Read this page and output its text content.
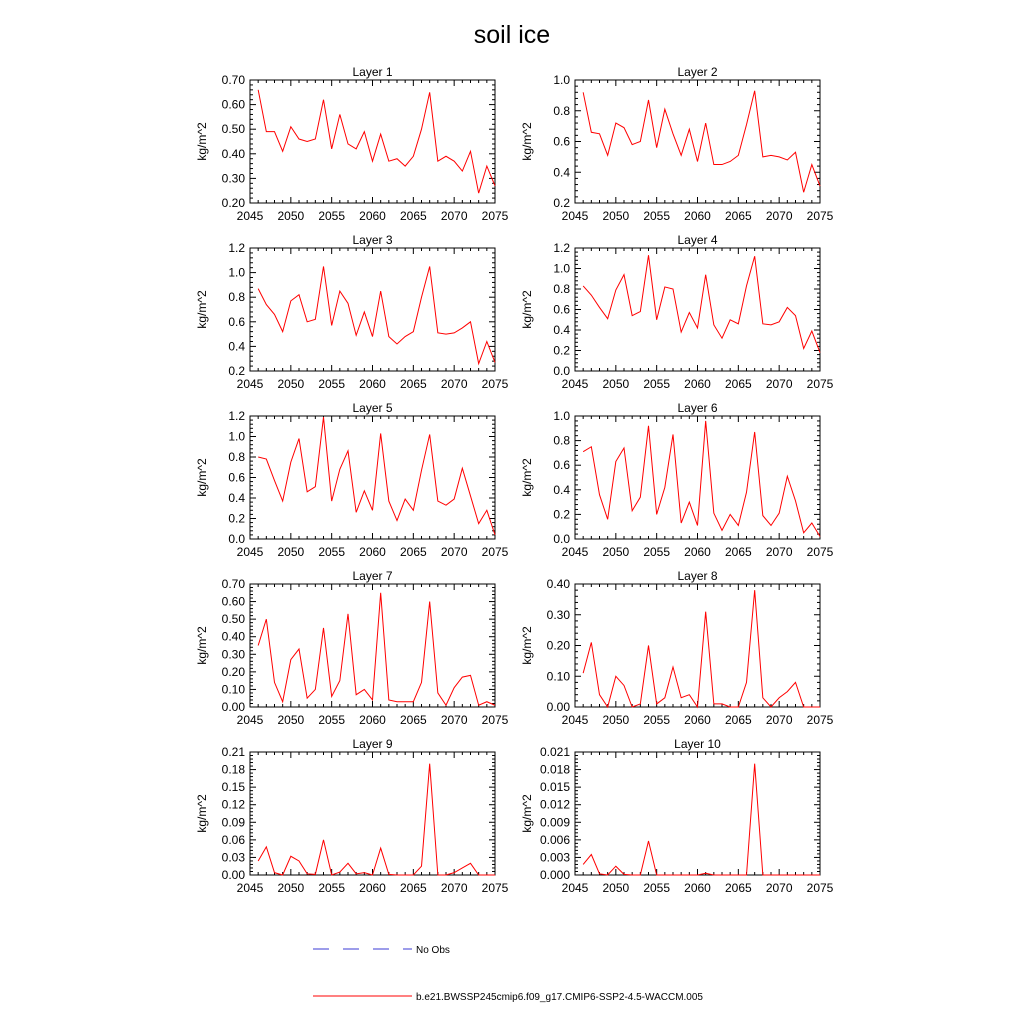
soil ice
Layer 1
2045 2050 2055 2060 2065 2070 2075
0.20
0.30
0.40
0.50
0.60
0.70
kg/m^2
Layer 2
2045 2050 2055 2060 2065 2070 2075
0.2
0.4
0.6
0.8
1.0
kg/m^2
Layer 3
2045 2050 2055 2060 2065 2070 2075
0.2
0.4
0.6
0.8
1.0
1.2
kg/m^2
Layer 4
2045 2050 2055 2060 2065 2070 2075
0.0
0.2
0.4
0.6
0.8
1.0
1.2
kg/m^2
Layer 5
2045 2050 2055 2060 2065 2070 2075
0.0
0.2
0.4
0.6
0.8
1.0
1.2
kg/m^2
Layer 6
2045 2050 2055 2060 2065 2070 2075
0.0
0.2
0.4
0.6
0.8
1.0
kg/m^2
Layer 7
2045 2050 2055 2060 2065 2070 2075
0.00
0.10
0.20
0.30
0.40
0.50
0.60
0.70
kg/m^2
Layer 8
2045 2050 2055 2060 2065 2070 2075
0.00
0.10
0.20
0.30
0.40
kg/m^2
Layer 9
2045 2050 2055 2060 2065 2070 2075
0.00
0.03
0.06
0.09
0.12
0.15
0.18
0.21
kg/m^2
Layer 10
2045 2050 2055 2060 2065 2070 2075
0.000
0.003
0.006
0.009
0.012
0.015
0.018
0.021
kg/m^2
No Obs
b.e21.BWSSP245cmip6.f09_g17.CMIP6-SSP2-4.5-WACCM.005
